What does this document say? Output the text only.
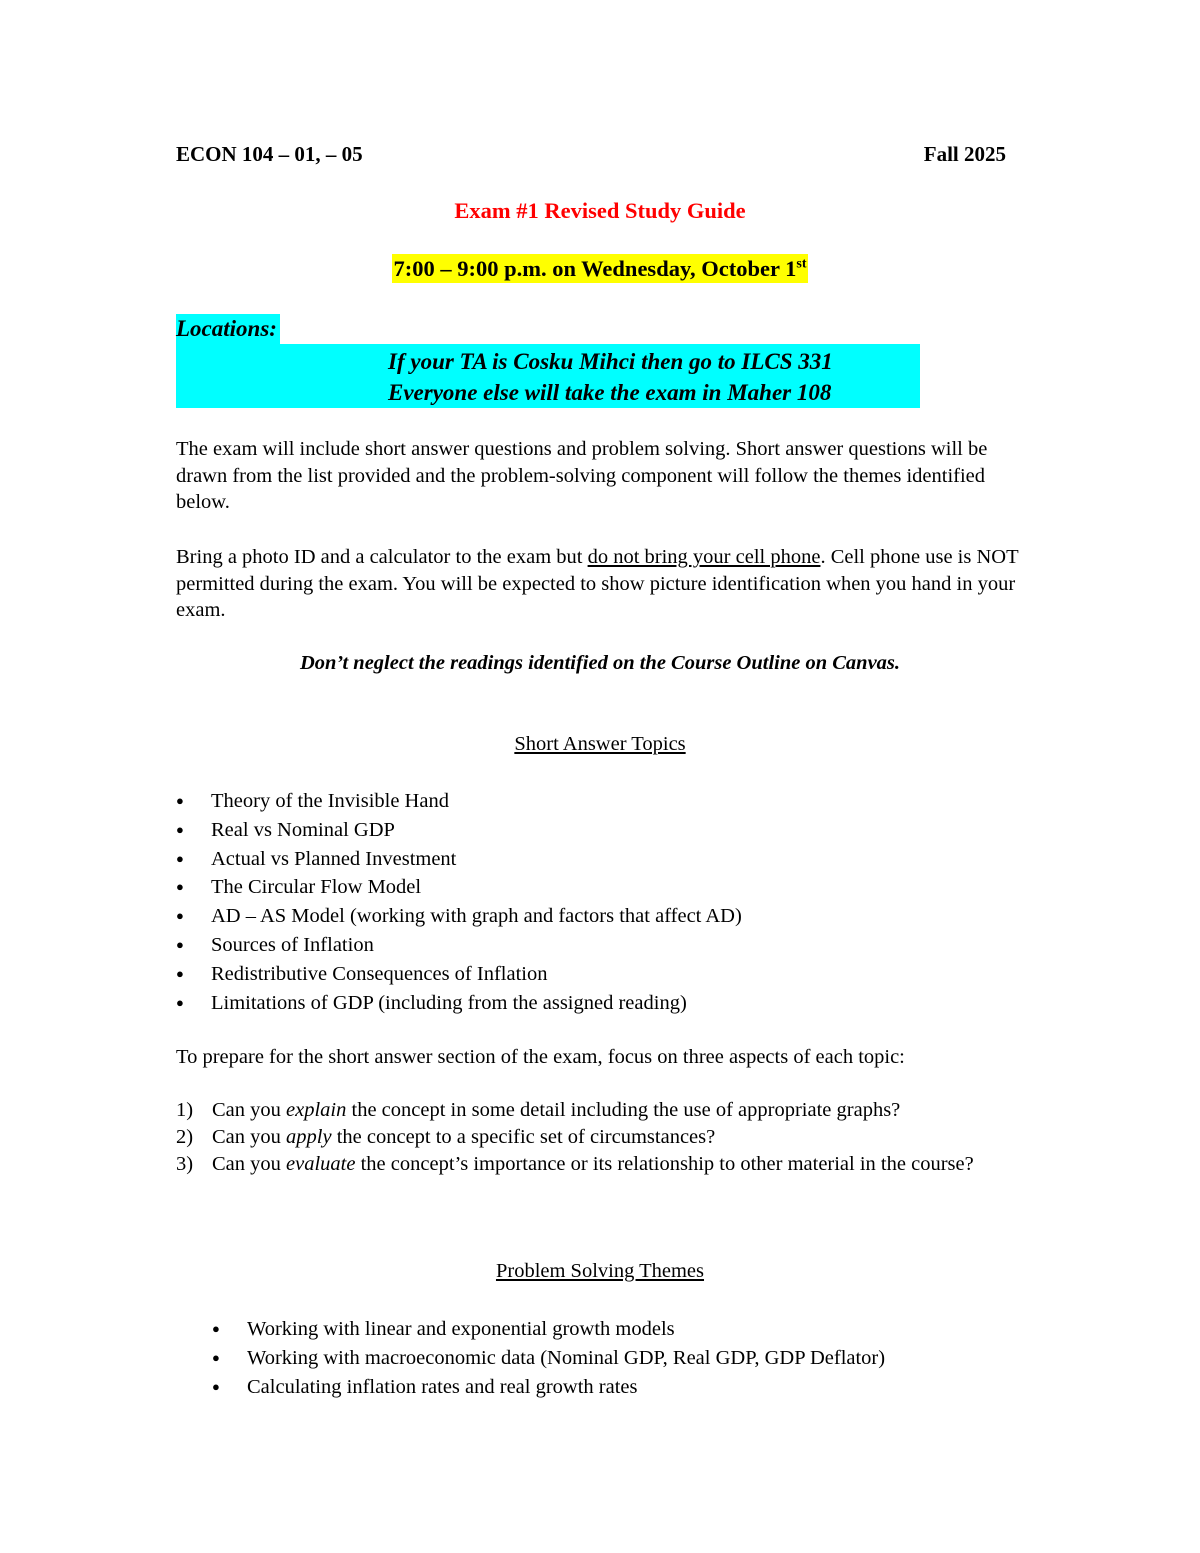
ECON 104 – 01, – 05	Fall 2025
Exam #1 Revised Study Guide
7:00 – 9:00 p.m. on Wednesday, October 1st
Locations:
If your TA is Cosku Mihci then go to ILCS 331
Everyone else will take the exam in Maher 108
The exam will include short answer questions and problem solving. Short answer questions will be drawn from the list provided and the problem-solving component will follow the themes identified below.
Bring a photo ID and a calculator to the exam but do not bring your cell phone. Cell phone use is NOT permitted during the exam. You will be expected to show picture identification when you hand in your exam.
Don’t neglect the readings identified on the Course Outline on Canvas.
Short Answer Topics
● Theory of the Invisible Hand
● Real vs Nominal GDP
● Actual vs Planned Investment
● The Circular Flow Model
● AD – AS Model (working with graph and factors that affect AD)
● Sources of Inflation
● Redistributive Consequences of Inflation
● Limitations of GDP (including from the assigned reading)
To prepare for the short answer section of the exam, focus on three aspects of each topic:
1) Can you explain the concept in some detail including the use of appropriate graphs?
2) Can you apply the concept to a specific set of circumstances?
3) Can you evaluate the concept’s importance or its relationship to other material in the course?
Problem Solving Themes
● Working with linear and exponential growth models
● Working with macroeconomic data (Nominal GDP, Real GDP, GDP Deflator)
● Calculating inflation rates and real growth rates
